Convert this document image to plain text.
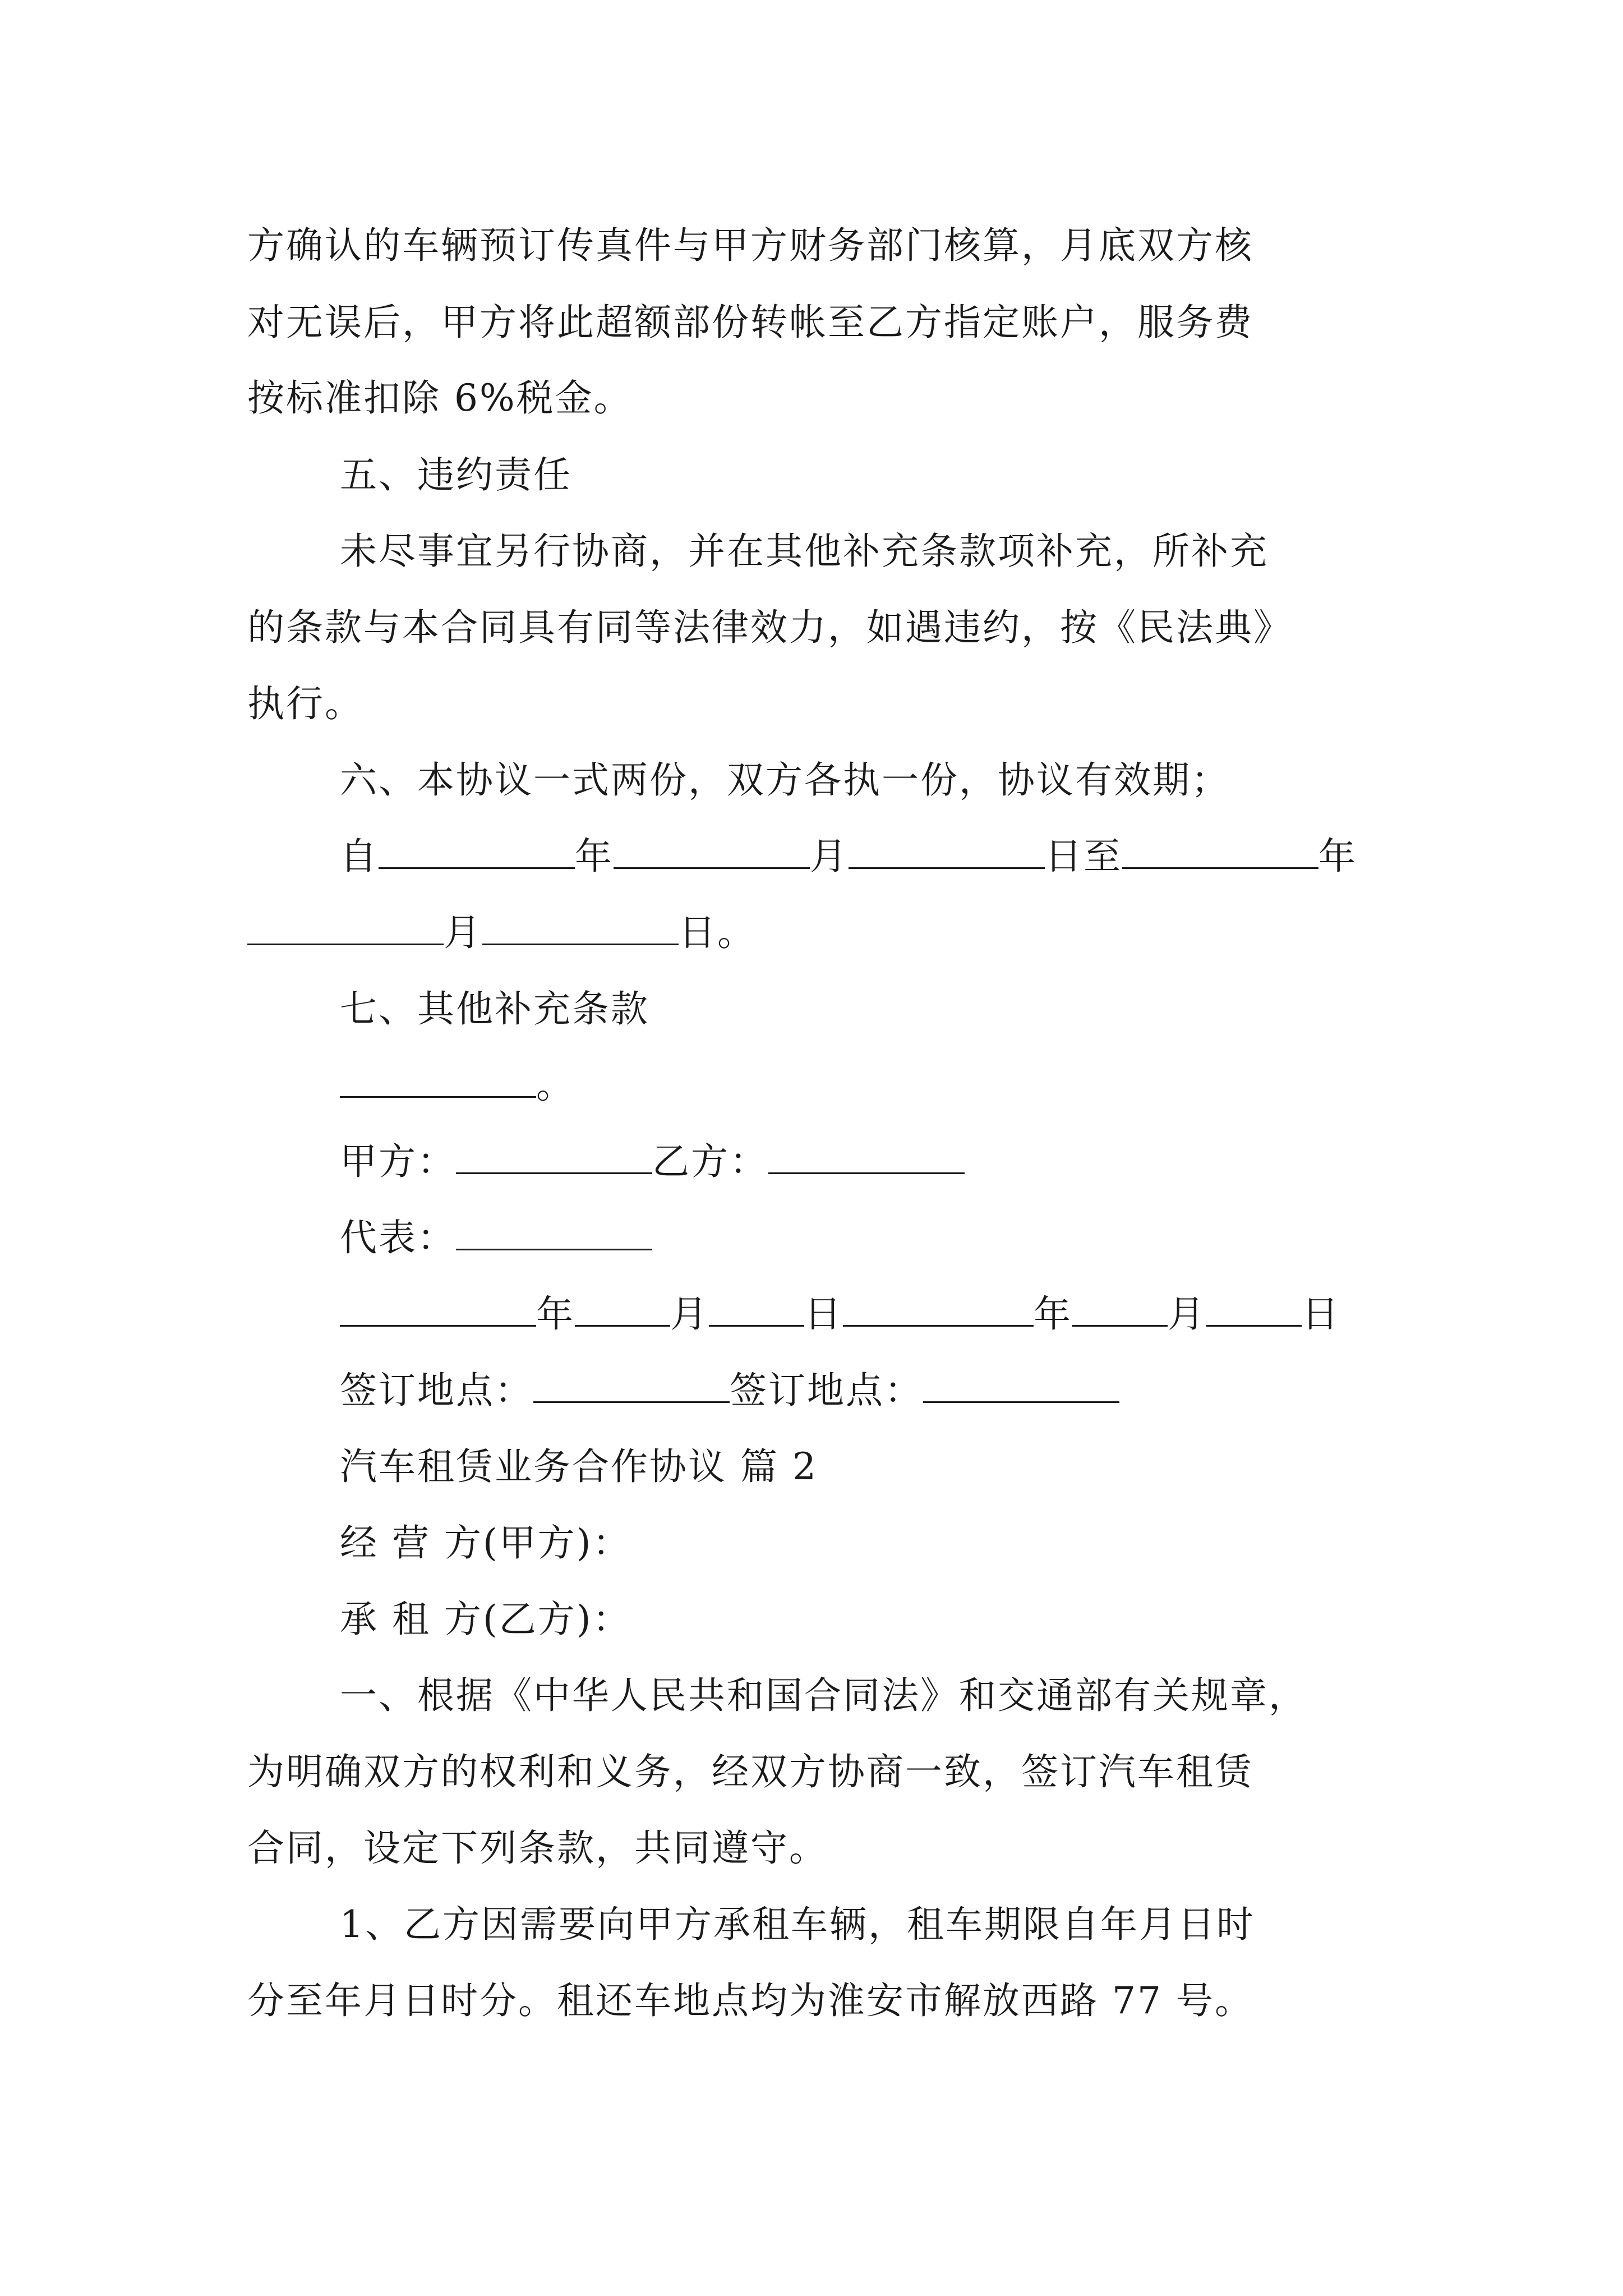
方确认的车辆预订传真件与甲方财务部门核算，月底双方核
对无误后，甲方将此超额部份转帐至乙方指定账户，服务费
按标准扣除 6%税金。
五、违约责任
未尽事宜另行协商，并在其他补充条款项补充，所补充
的条款与本合同具有同等法律效力，如遇违约，按《民法典》
执行。
六、本协议一式两份，双方各执一份，协议有效期；
自	年	月	日至	年
月	日。
七、其他补充条款
。
甲方：	乙方：
代表：
年	月	日	年	月	日
签订地点：	签订地点：
汽车租赁业务合作协议 篇 2
经 营 方(甲方)：
承 租 方(乙方)：
一、根据《中华人民共和国合同法》和交通部有关规章，
为明确双方的权利和义务，经双方协商一致，签订汽车租赁
合同，设定下列条款，共同遵守。
1、乙方因需要向甲方承租车辆，租车期限自年月日时
分至年月日时分。租还车地点均为淮安市解放西路 77 号。
